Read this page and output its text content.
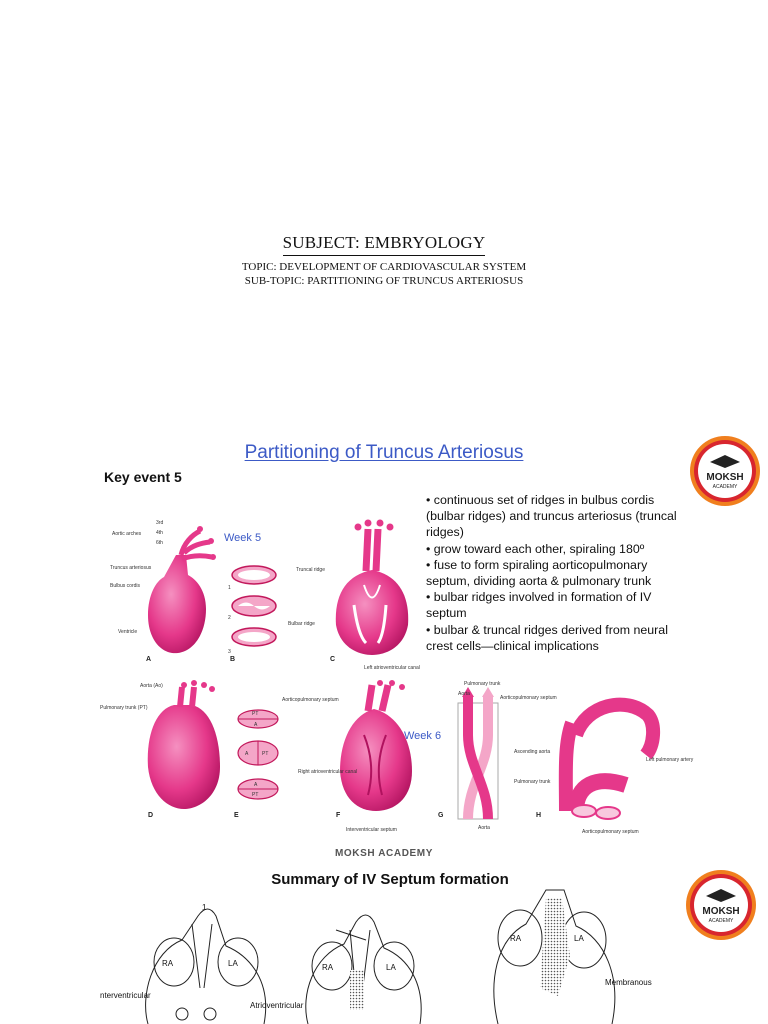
SUBJECT: EMBRYOLOGY

TOPIC: DEVELOPMENT OF CARDIOVASCULAR SYSTEM

SUB-TOPIC: PARTITIONING OF TRUNCUS ARTERIOSUS

Partitioning of Truncus Arteriosus
Key event 5
• continuous set of ridges in bulbus cordis (bulbar ridges) and truncus arteriosus (truncal ridges)
• grow toward each other, spiraling 180º
• fuse to form spiraling aorticopulmonary septum, dividing aorta & pulmonary trunk
• bulbar ridges involved in formation of IV septum
• bulbar & truncal ridges derived from neural crest cells—clinical implications
Aortic arches
3rd
4th
6th
Truncus arteriosus
Bulbus cordis
Ventricle
A
Week 5
1
2
3
B
Truncal ridge
Bulbar ridge
C
Left atrioventricular canal
Aorta (Ao)
Pulmonary trunk (PT)
D
PT
A
A	PT
A
PT
Aorticopulmonary septum
E
Week 6
Right atrioventricular canal
Interventricular septum
F
Pulmonary trunk
Aorta
Aorticopulmonary septum
Aorta
G
Ascending aorta
Pulmonary trunk
H
Left pulmonary artery
Aorticopulmonary septum
MOKSH
ACADEMY
MOKSH
ACADEMY
MOKSH ACADEMY
Summary of IV Septum formation
1
RA	LA
nterventricular
Atrioventricular
RA	LA
RA	LA
Membranous
